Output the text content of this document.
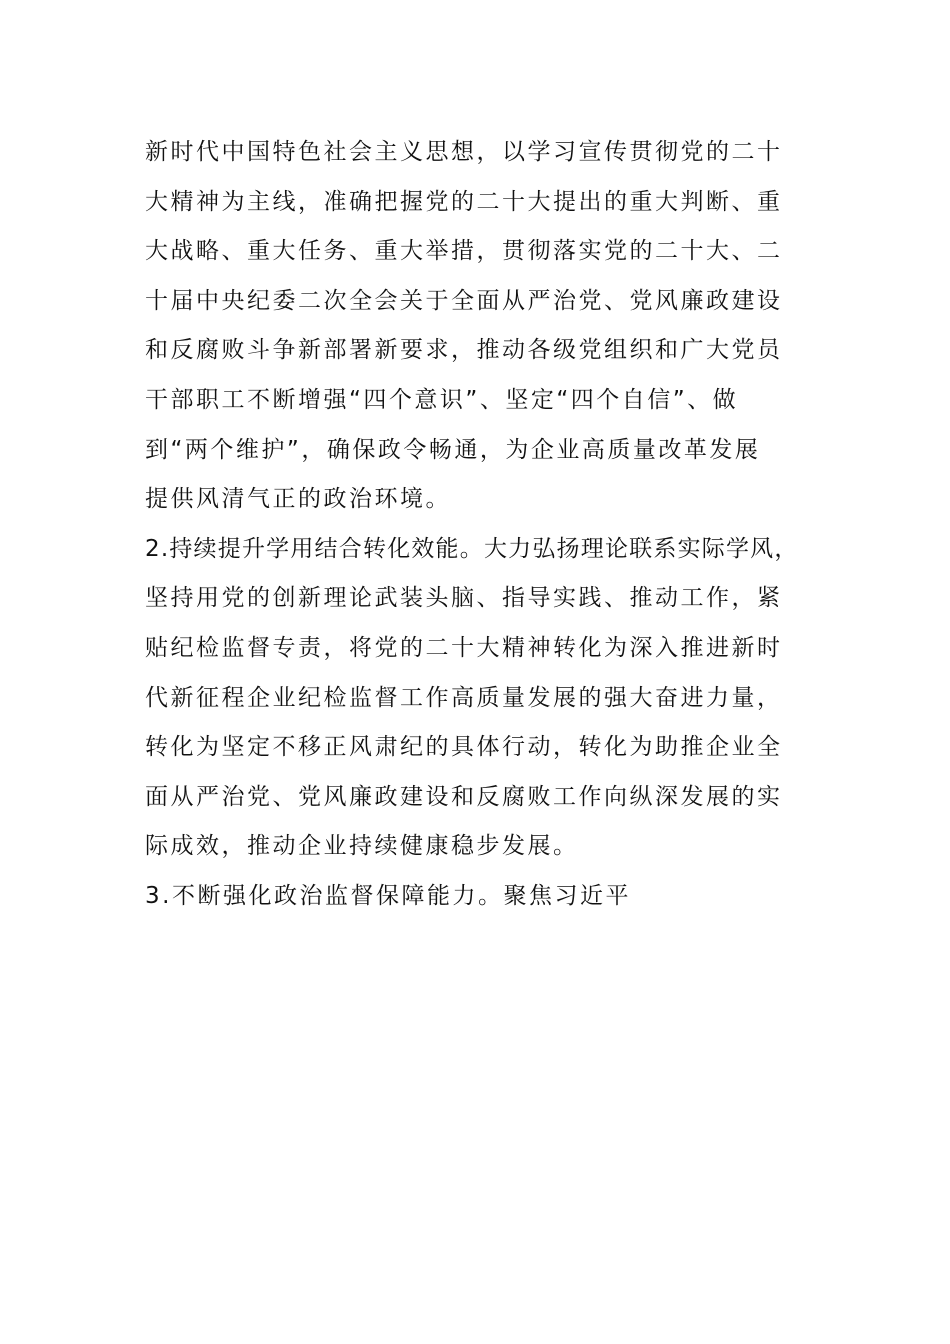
新时代中国特色社会主义思想，以学习宣传贯彻党的二十
大精神为主线，准确把握党的二十大提出的重大判断、重
大战略、重大任务、重大举措，贯彻落实党的二十大、二
十届中央纪委二次全会关于全面从严治党、党风廉政建设
和反腐败斗争新部署新要求，推动各级党组织和广大党员
干部职工不断增强“四个意识”、坚定“四个自信”、做
到“两个维护”，确保政令畅通，为企业高质量改革发展
提供风清气正的政治环境。
2.持续提升学用结合转化效能。大力弘扬理论联系实际学风，
坚持用党的创新理论武装头脑、指导实践、推动工作，紧
贴纪检监督专责，将党的二十大精神转化为深入推进新时
代新征程企业纪检监督工作高质量发展的强大奋进力量，
转化为坚定不移正风肃纪的具体行动，转化为助推企业全
面从严治党、党风廉政建设和反腐败工作向纵深发展的实
际成效，推动企业持续健康稳步发展。
3.不断强化政治监督保障能力。聚焦习近平
